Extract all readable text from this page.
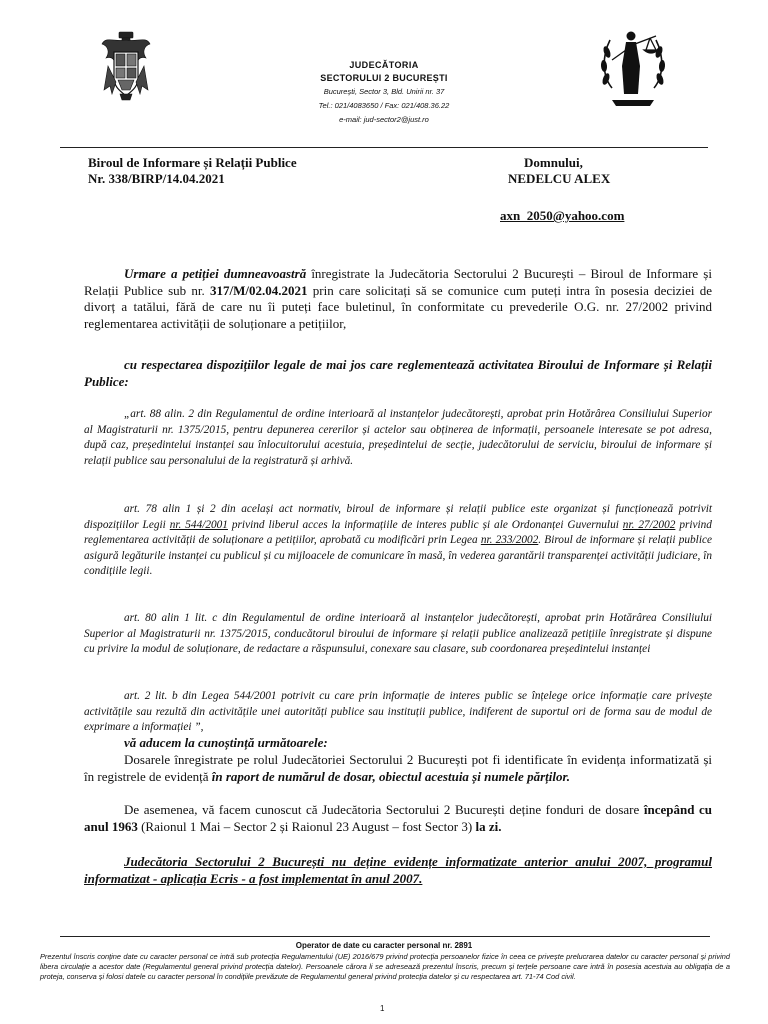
JUDECĂTORIA
SECTORULUI 2 BUCUREȘTI
București, Sector 3, Bld. Unirii nr. 37
Tel.: 021/4083650 / Fax: 021/408.36.22
e-mail: jud-sector2@just.ro
Biroul de Informare și Relații Publice
Nr. 338/BIRP/14.04.2021
Domnului,
NEDELCU ALEX
axn_2050@yahoo.com
Urmare a petiției dumneavoastră înregistrate la Judecătoria Sectorului 2 București – Biroul de Informare și Relații Publice sub nr. 317/M/02.04.2021 prin care solicitați să se comunice cum puteți intra în posesia deciziei de divorț a tatălui, fără de care nu îi puteți face buletinul, în conformitate cu prevederile O.G. nr. 27/2002 privind reglementarea activității de soluționare a petițiilor,
cu respectarea dispozițiilor legale de mai jos care reglementează activitatea Biroului de Informare și Relații Publice:
„art. 88 alin. 2 din Regulamentul de ordine interioară al instanțelor judecătorești, aprobat prin Hotărârea Consiliului Superior al Magistraturii nr. 1375/2015, pentru depunerea cererilor și actelor sau obținerea de informații, persoanele interesate se pot adresa, după caz, președintelui instanței sau înlocuitorului acestuia, președintelui de secție, judecătorului de serviciu, biroului de informare și relații publice sau personalului de la registratură și arhivă.
art. 78 alin 1 și 2 din același act normativ, biroul de informare și relații publice este organizat și funcționează potrivit dispozițiilor Legii nr. 544/2001 privind liberul acces la informațiile de interes public și ale Ordonanței Guvernului nr. 27/2002 privind reglementarea activității de soluționare a petițiilor, aprobată cu modificări prin Legea nr. 233/2002. Biroul de informare și relații publice asigură legăturile instanței cu publicul și cu mijloacele de comunicare în masă, în vederea garantării transparenței activității judiciare, în condițiile legii.
art. 80 alin 1 lit. c din Regulamentul de ordine interioară al instanțelor judecătorești, aprobat prin Hotărârea Consiliului Superior al Magistraturii nr. 1375/2015, conducătorul biroului de informare și relații publice analizează petițiile înregistrate și dispune cu privire la modul de soluționare, de redactare a răspunsului, conexare sau clasare, sub coordonarea președintelui instanței
art. 2 lit. b din Legea 544/2001 potrivit cu care prin informație de interes public se înțelege orice informație care privește activitățile sau rezultă din activitățile unei autorități publice sau instituții publice, indiferent de suportul ori de forma sau de modul de exprimare a informației ”,
vă aducem la cunoștință următoarele:
Dosarele înregistrate pe rolul Judecătoriei Sectorului 2 București pot fi identificate în evidența informatizată și în registrele de evidență în raport de numărul de dosar, obiectul acestuia și numele părților.
De asemenea, vă facem cunoscut că Judecătoria Sectorului 2 București deține fonduri de dosare începând cu anul 1963 (Raionul 1 Mai – Sector 2 și Raionul 23 August – fost Sector 3) la zi.
Judecătoria Sectorului 2 București nu deține evidențe informatizate anterior anului 2007, programul informatizat - aplicația Ecris - a fost implementat în anul 2007.
Operator de date cu caracter personal nr. 2891
Prezentul înscris conține date cu caracter personal ce intră sub protecția Regulamentului (UE) 2016/679 privind protecția persoanelor fizice în ceea ce privește prelucrarea datelor cu caracter personal și privind libera circulație a acestor date (Regulamentul general privind protecția datelor). Persoanele cărora li se adresează prezentul înscris, precum și terțele persoane care intră în posesia acestuia au obligația de a proteja, conserva și folosi datele cu caracter personal în condițiile prevăzute de Regulamentul general privind protecția datelor și cu respectarea art. 71-74 Cod civil.
1
